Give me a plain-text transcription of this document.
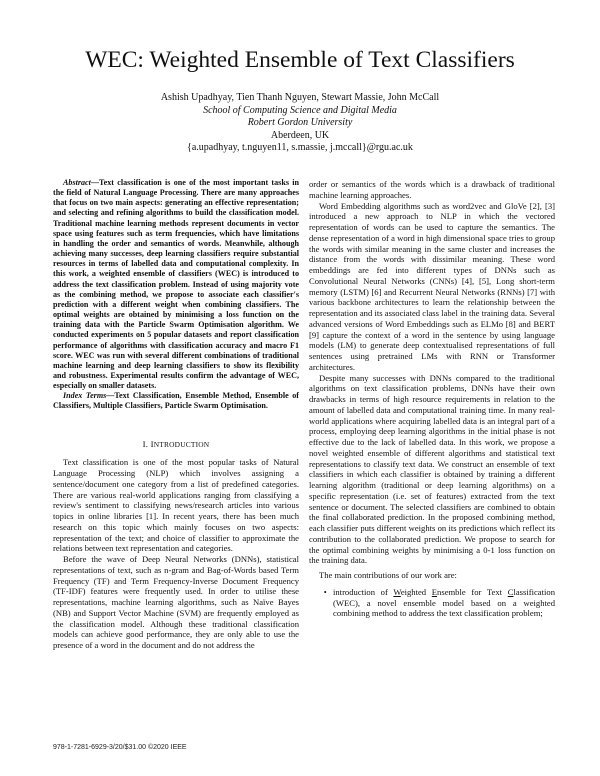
WEC: Weighted Ensemble of Text Classifiers
Ashish Upadhyay, Tien Thanh Nguyen, Stewart Massie, John McCall
School of Computing Science and Digital Media
Robert Gordon University
Aberdeen, UK
{a.upadhyay, t.nguyen11, s.massie, j.mccall}@rgu.ac.uk

Abstract—Text classification is one of the most important tasks in the field of Natural Language Processing. There are many approaches that focus on two main aspects: generating an effective representation; and selecting and refining algorithms to build the classification model. Traditional machine learning methods represent documents in vector space using features such as term frequencies, which have limitations in handling the order and semantics of words. Meanwhile, although achieving many successes, deep learning classifiers require substantial resources in terms of labelled data and computational complexity. In this work, a weighted ensemble of classifiers (WEC) is introduced to address the text classification problem. Instead of using majority vote as the combining method, we propose to associate each classifier's prediction with a different weight when combining classifiers. The optimal weights are obtained by minimising a loss function on the training data with the Particle Swarm Optimisation algorithm. We conducted experiments on 5 popular datasets and report classification performance of algorithms with classification accuracy and macro F1 score. WEC was run with several different combinations of traditional machine learning and deep learning classifiers to show its flexibility and robustness. Experimental results confirm the advantage of WEC, especially on smaller datasets.

Index Terms—Text Classification, Ensemble Method, Ensemble of Classifiers, Multiple Classifiers, Particle Swarm Optimisation.

I. INTRODUCTION

Text classification is one of the most popular tasks of Natural Language Processing (NLP) which involves assigning a sentence/document one category from a list of predefined categories. There are various real-world applications ranging from classifying a review's sentiment to classifying news/research articles into various topics in online libraries [1]. In recent years, there has been much research on this topic which mainly focuses on two aspects: representation of the text; and choice of classifier to approximate the relations between text representation and categories.

Before the wave of Deep Neural Networks (DNNs), statistical representations of text, such as n-gram and Bag-of-Words based Term Frequency (TF) and Term Frequency-Inverse Document Frequency (TF-IDF) features were frequently used. In order to utilise these representations, machine learning algorithms, such as Naïve Bayes (NB) and Support Vector Machine (SVM) are frequently employed as the classification model. Although these traditional classification models can achieve good performance, they are only able to use the presence of a word in the document and do not address the

order or semantics of the words which is a drawback of traditional machine learning approaches.

Word Embedding algorithms such as word2vec and GloVe [2], [3] introduced a new approach to NLP in which the vectored representation of words can be used to capture the semantics. The dense representation of a word in high dimensional space tries to group the words with similar meaning in the same cluster and increases the distance from the words with dissimilar meaning. These word embeddings are fed into different types of DNNs such as Convolutional Neural Networks (CNNs) [4], [5], Long short-term memory (LSTM) [6] and Recurrent Neural Networks (RNNs) [7] with various backbone architectures to learn the relationship between the representation and its associated class label in the training data. Several advanced versions of Word Embeddings such as ELMo [8] and BERT [9] capture the context of a word in the sentence by using language models (LM) to generate deep contextualised representations of full sentences using pretrained LMs with RNN or Transformer architectures.

Despite many successes with DNNs compared to the traditional algorithms on text classification problems, DNNs have their own drawbacks in terms of high resource requirements in relation to the amount of labelled data and computational training time. In many real-world applications where acquiring labelled data is an integral part of a process, employing deep learning algorithms in the initial phase is not effective due to the lack of labelled data. In this work, we propose a novel weighted ensemble of different algorithms and statistical text representations to classify text data. We construct an ensemble of text classifiers in which each classifier is obtained by training a different learning algorithm (traditional or deep learning algorithms) on a specific representation (i.e. set of features) extracted from the text sentence or document. The selected classifiers are combined to obtain the final collaborated prediction. In the proposed combining method, each classifier puts different weights on its predictions which reflect its contribution to the collaborated prediction. We propose to search for the optimal combining weights by minimising a 0-1 loss function on the training data.

The main contributions of our work are:

• introduction of Weighted Ensemble for Text Classification (WEC), a novel ensemble model based on a weighted combining method to address the text classification problem;
978-1-7281-6929-3/20/$31.00 ©2020 IEEE
